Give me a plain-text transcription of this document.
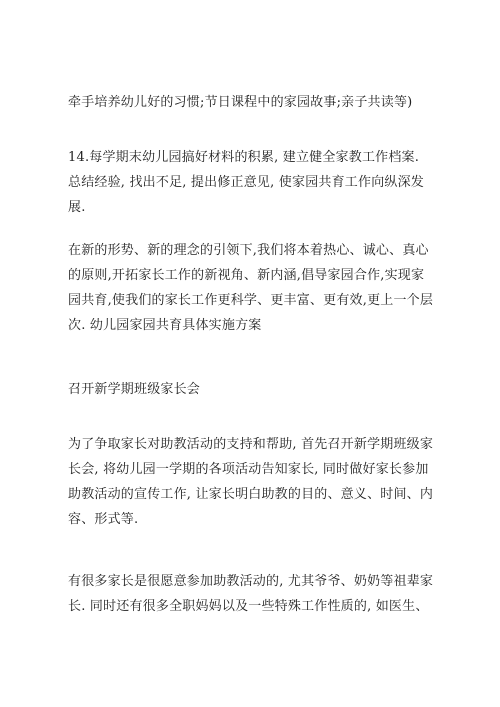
牵手培养幼儿好的习惯;节日课程中的家园故事;亲子共读等)

14.每学期末幼儿园搞好材料的积累, 建立健全家教工作档案.
总结经验, 找出不足, 提出修正意见, 使家园共育工作向纵深发
展.

在新的形势、新的理念的引领下,我们将本着热心、诚心、真心
的原则,开拓家长工作的新视角、新内涵,倡导家园合作,实现家
园共育,使我们的家长工作更科学、更丰富、更有效,更上一个层
次. 幼儿园家园共育具体实施方案

召开新学期班级家长会

为了争取家长对助教活动的支持和帮助, 首先召开新学期班级家
长会, 将幼儿园一学期的各项活动告知家长, 同时做好家长参加
助教活动的宣传工作, 让家长明白助教的目的、意义、时间、内
容、形式等.

有很多家长是很愿意参加助教活动的, 尤其爷爷、奶奶等祖辈家
长. 同时还有很多全职妈妈以及一些特殊工作性质的, 如医生、
